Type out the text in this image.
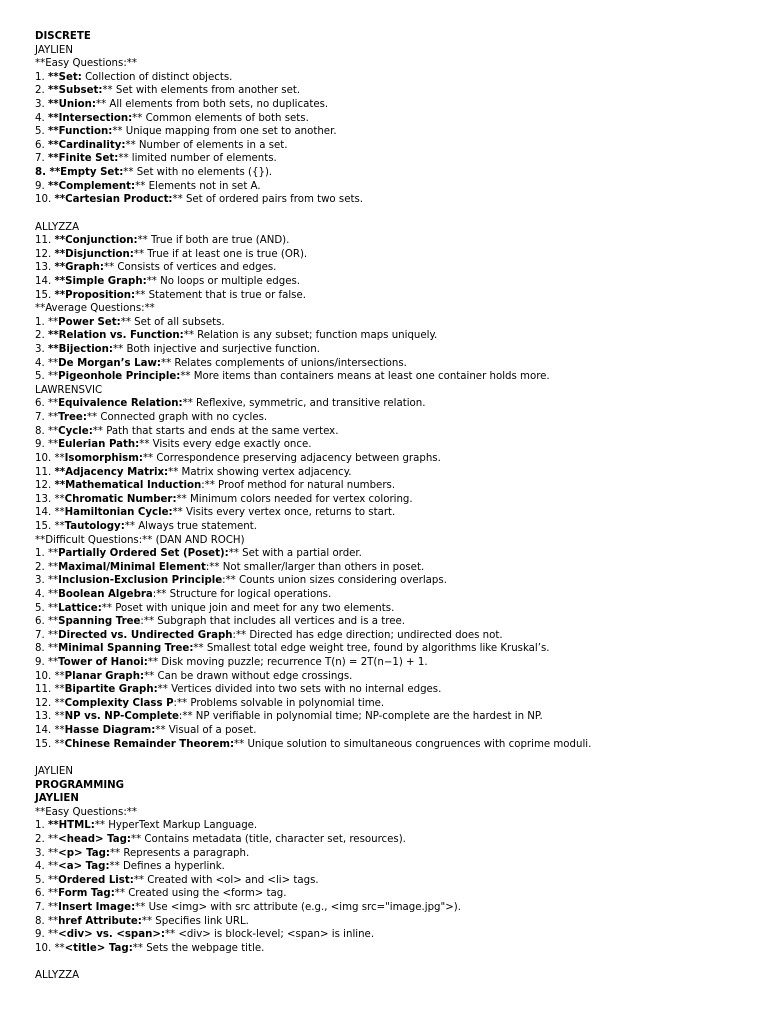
DISCRETE
JAYLIEN
**Easy Questions:**
1. **Set: Collection of distinct objects.
2. **Subset:** Set with elements from another set.
3. **Union:** All elements from both sets, no duplicates.
4. **Intersection:** Common elements of both sets.
5. **Function:** Unique mapping from one set to another.
6. **Cardinality:** Number of elements in a set.
7. **Finite Set:** limited number of elements.
8. **Empty Set:** Set with no elements ({}).
9. **Complement:** Elements not in set A.
10. **Cartesian Product:** Set of ordered pairs from two sets.
ALLYZZA
11. **Conjunction:** True if both are true (AND).
12. **Disjunction:** True if at least one is true (OR).
13. **Graph:** Consists of vertices and edges.
14. **Simple Graph:** No loops or multiple edges.
15. **Proposition:** Statement that is true or false.
**Average Questions:**
1. **Power Set:** Set of all subsets.
2. **Relation vs. Function:** Relation is any subset; function maps uniquely.
3. **Bijection:** Both injective and surjective function.
4. **De Morgan’s Law:** Relates complements of unions/intersections.
5. **Pigeonhole Principle:** More items than containers means at least one container holds more.
LAWRENSVIC
6. **Equivalence Relation:** Reflexive, symmetric, and transitive relation.
7. **Tree:** Connected graph with no cycles.
8. **Cycle:** Path that starts and ends at the same vertex.
9. **Eulerian Path:** Visits every edge exactly once.
10. **Isomorphism:** Correspondence preserving adjacency between graphs.
11. **Adjacency Matrix:** Matrix showing vertex adjacency.
12. **Mathematical Induction:** Proof method for natural numbers.
13. **Chromatic Number:** Minimum colors needed for vertex coloring.
14. **Hamiltonian Cycle:** Visits every vertex once, returns to start.
15. **Tautology:** Always true statement.
**Difficult Questions:** (DAN AND ROCH)
1. **Partially Ordered Set (Poset):** Set with a partial order.
2. **Maximal/Minimal Element:** Not smaller/larger than others in poset.
3. **Inclusion-Exclusion Principle:** Counts union sizes considering overlaps.
4. **Boolean Algebra:** Structure for logical operations.
5. **Lattice:** Poset with unique join and meet for any two elements.
6. **Spanning Tree:** Subgraph that includes all vertices and is a tree.
7. **Directed vs. Undirected Graph:** Directed has edge direction; undirected does not.
8. **Minimal Spanning Tree:** Smallest total edge weight tree, found by algorithms like Kruskal’s.
9. **Tower of Hanoi:** Disk moving puzzle; recurrence T(n) = 2T(n−1) + 1.
10. **Planar Graph:** Can be drawn without edge crossings.
11. **Bipartite Graph:** Vertices divided into two sets with no internal edges.
12. **Complexity Class P:** Problems solvable in polynomial time.
13. **NP vs. NP-Complete:** NP verifiable in polynomial time; NP-complete are the hardest in NP.
14. **Hasse Diagram:** Visual of a poset.
15. **Chinese Remainder Theorem:** Unique solution to simultaneous congruences with coprime moduli.
JAYLIEN
PROGRAMMING
JAYLIEN
**Easy Questions:**
1. **HTML:** HyperText Markup Language.
2. **<head> Tag:** Contains metadata (title, character set, resources).
3. **<p> Tag:** Represents a paragraph.
4. **<a> Tag:** Defines a hyperlink.
5. **Ordered List:** Created with <ol> and <li> tags.
6. **Form Tag:** Created using the <form> tag.
7. **Insert Image:** Use <img> with src attribute (e.g., <img src="image.jpg">).
8. **href Attribute:** Specifies link URL.
9. **<div> vs. <span>:** <div> is block-level; <span> is inline.
10. **<title> Tag:** Sets the webpage title.
ALLYZZA
